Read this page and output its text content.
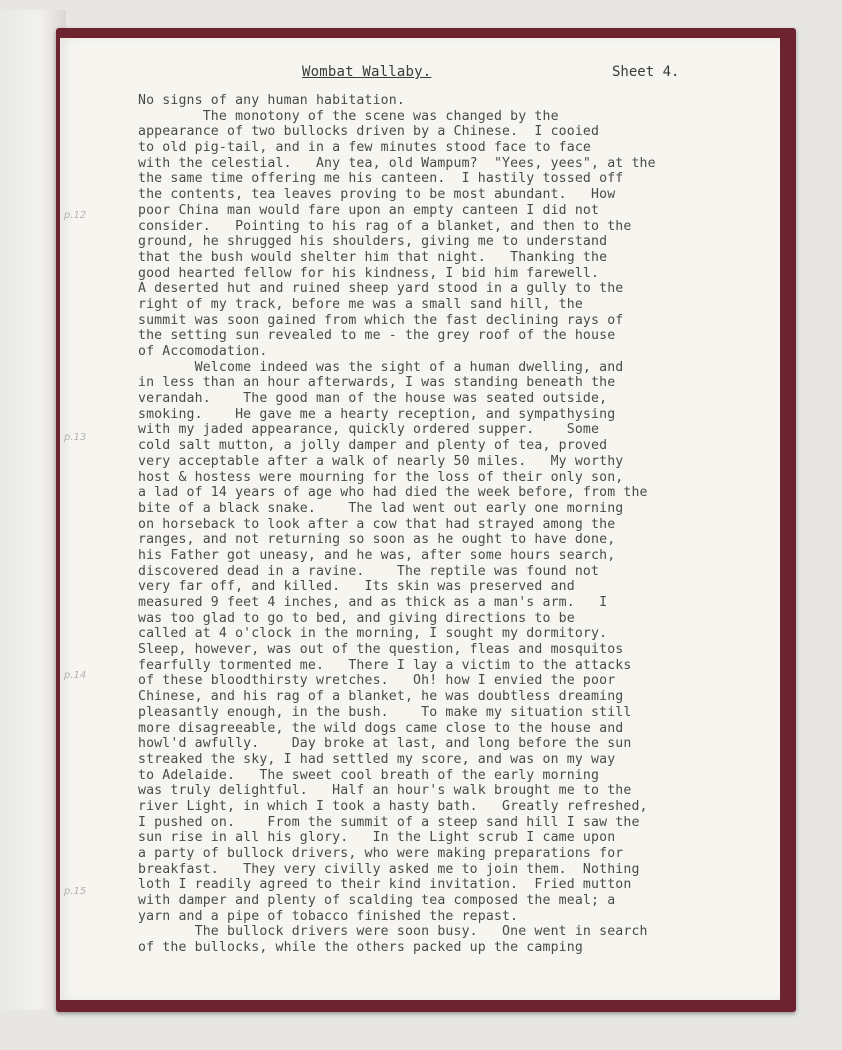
Wombat Wallaby.	Sheet 4.
p.12
p.13
p.14
p.15
No signs of any human habitation.
The monotony of the scene was changed by the
appearance of two bullocks driven by a Chinese.  I cooied
to old pig-tail, and in a few minutes stood face to face
with the celestial.   Any tea, old Wampum?  "Yees, yees", at the
the same time offering me his canteen.  I hastily tossed off
the contents, tea leaves proving to be most abundant.   How
poor China man would fare upon an empty canteen I did not
consider.   Pointing to his rag of a blanket, and then to the
ground, he shrugged his shoulders, giving me to understand
that the bush would shelter him that night.   Thanking the
good hearted fellow for his kindness, I bid him farewell.
A deserted hut and ruined sheep yard stood in a gully to the
right of my track, before me was a small sand hill, the
summit was soon gained from which the fast declining rays of
the setting sun revealed to me - the grey roof of the house
of Accomodation.
Welcome indeed was the sight of a human dwelling, and
in less than an hour afterwards, I was standing beneath the
verandah.    The good man of the house was seated outside,
smoking.    He gave me a hearty reception, and sympathysing
with my jaded appearance, quickly ordered supper.    Some
cold salt mutton, a jolly damper and plenty of tea, proved
very acceptable after a walk of nearly 50 miles.   My worthy
host & hostess were mourning for the loss of their only son,
a lad of 14 years of age who had died the week before, from the
bite of a black snake.    The lad went out early one morning
on horseback to look after a cow that had strayed among the
ranges, and not returning so soon as he ought to have done,
his Father got uneasy, and he was, after some hours search,
discovered dead in a ravine.    The reptile was found not
very far off, and killed.   Its skin was preserved and
measured 9 feet 4 inches, and as thick as a man's arm.   I
was too glad to go to bed, and giving directions to be
called at 4 o'clock in the morning, I sought my dormitory.
Sleep, however, was out of the question, fleas and mosquitos
fearfully tormented me.   There I lay a victim to the attacks
of these bloodthirsty wretches.   Oh! how I envied the poor
Chinese, and his rag of a blanket, he was doubtless dreaming
pleasantly enough, in the bush.    To make my situation still
more disagreeable, the wild dogs came close to the house and
howl'd awfully.    Day broke at last, and long before the sun
streaked the sky, I had settled my score, and was on my way
to Adelaide.   The sweet cool breath of the early morning
was truly delightful.   Half an hour's walk brought me to the
river Light, in which I took a hasty bath.   Greatly refreshed,
I pushed on.    From the summit of a steep sand hill I saw the
sun rise in all his glory.   In the Light scrub I came upon
a party of bullock drivers, who were making preparations for
breakfast.   They very civilly asked me to join them.  Nothing
loth I readily agreed to their kind invitation.  Fried mutton
with damper and plenty of scalding tea composed the meal; a
yarn and a pipe of tobacco finished the repast.
The bullock drivers were soon busy.   One went in search
of the bullocks, while the others packed up the camping
